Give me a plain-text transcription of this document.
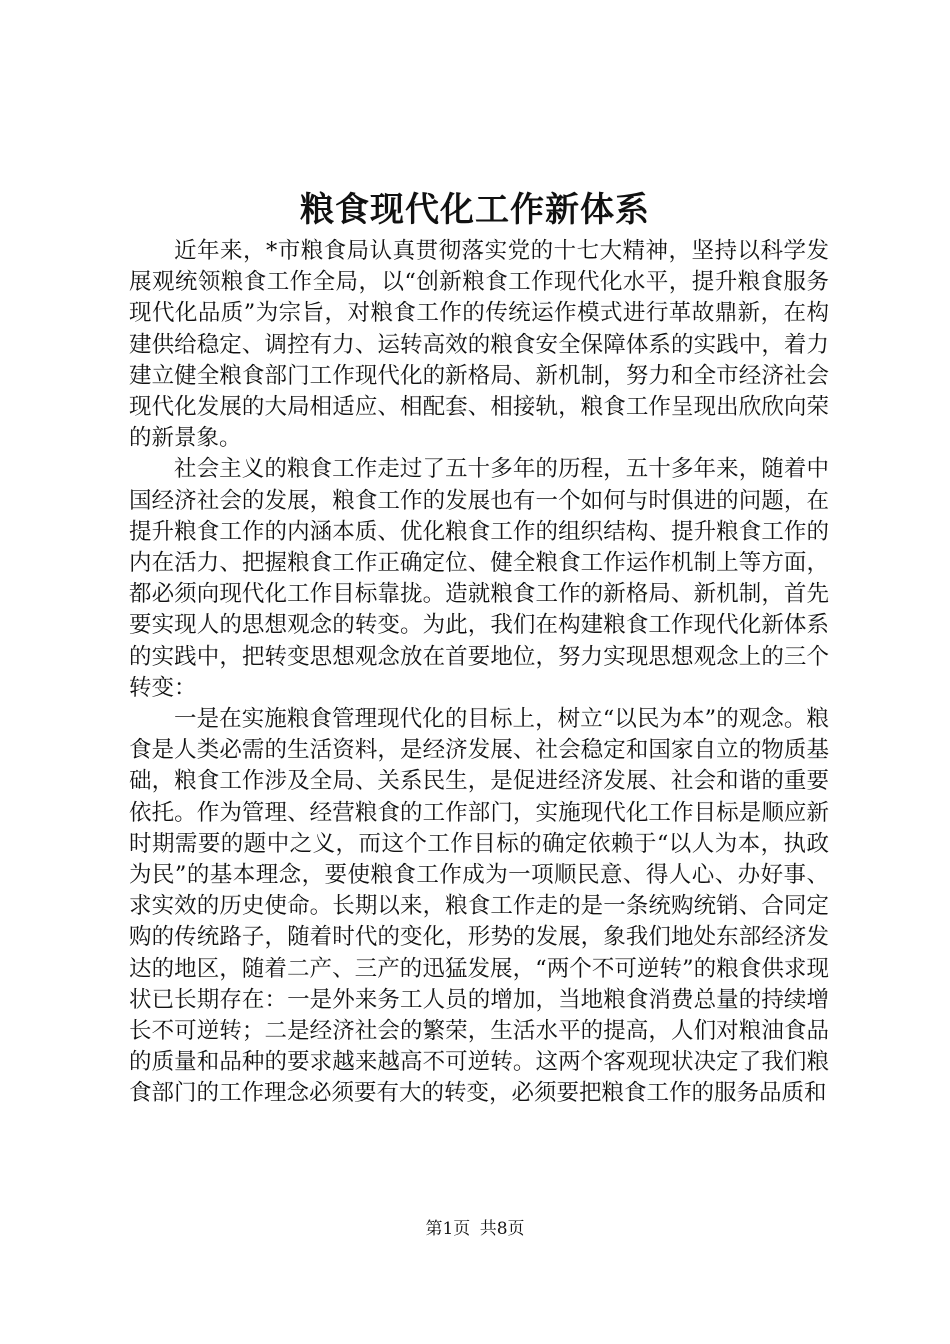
粮食现代化工作新体系

近年来，*市粮食局认真贯彻落实党的十七大精神，坚持以科学发展观统领粮食工作全局，以“创新粮食工作现代化水平，提升粮食服务现代化品质”为宗旨，对粮食工作的传统运作模式进行革故鼎新，在构建供给稳定、调控有力、运转高效的粮食安全保障体系的实践中，着力建立健全粮食部门工作现代化的新格局、新机制，努力和全市经济社会现代化发展的大局相适应、相配套、相接轨，粮食工作呈现出欣欣向荣的新景象。

社会主义的粮食工作走过了五十多年的历程，五十多年来，随着中国经济社会的发展，粮食工作的发展也有一个如何与时俱进的问题，在提升粮食工作的内涵本质、优化粮食工作的组织结构、提升粮食工作的内在活力、把握粮食工作正确定位、健全粮食工作运作机制上等方面，都必须向现代化工作目标靠拢。造就粮食工作的新格局、新机制，首先要实现人的思想观念的转变。为此，我们在构建粮食工作现代化新体系的实践中，把转变思想观念放在首要地位，努力实现思想观念上的三个转变：

一是在实施粮食管理现代化的目标上，树立“以民为本”的观念。粮食是人类必需的生活资料，是经济发展、社会稳定和国家自立的物质基础，粮食工作涉及全局、关系民生，是促进经济发展、社会和谐的重要依托。作为管理、经营粮食的工作部门，实施现代化工作目标是顺应新时期需要的题中之义，而这个工作目标的确定依赖于“以人为本，执政为民”的基本理念，要使粮食工作成为一项顺民意、得人心、办好事、求实效的历史使命。长期以来，粮食工作走的是一条统购统销、合同定购的传统路子，随着时代的变化，形势的发展，象我们地处东部经济发达的地区，随着二产、三产的迅猛发展，“两个不可逆转”的粮食供求现状已长期存在：一是外来务工人员的增加，当地粮食消费总量的持续增长不可逆转；二是经济社会的繁荣，生活水平的提高，人们对粮油食品的质量和品种的要求越来越高不可逆转。这两个客观现状决定了我们粮食部门的工作理念必须要有大的转变，必须要把粮食工作的服务品质和

第1页 共8页
